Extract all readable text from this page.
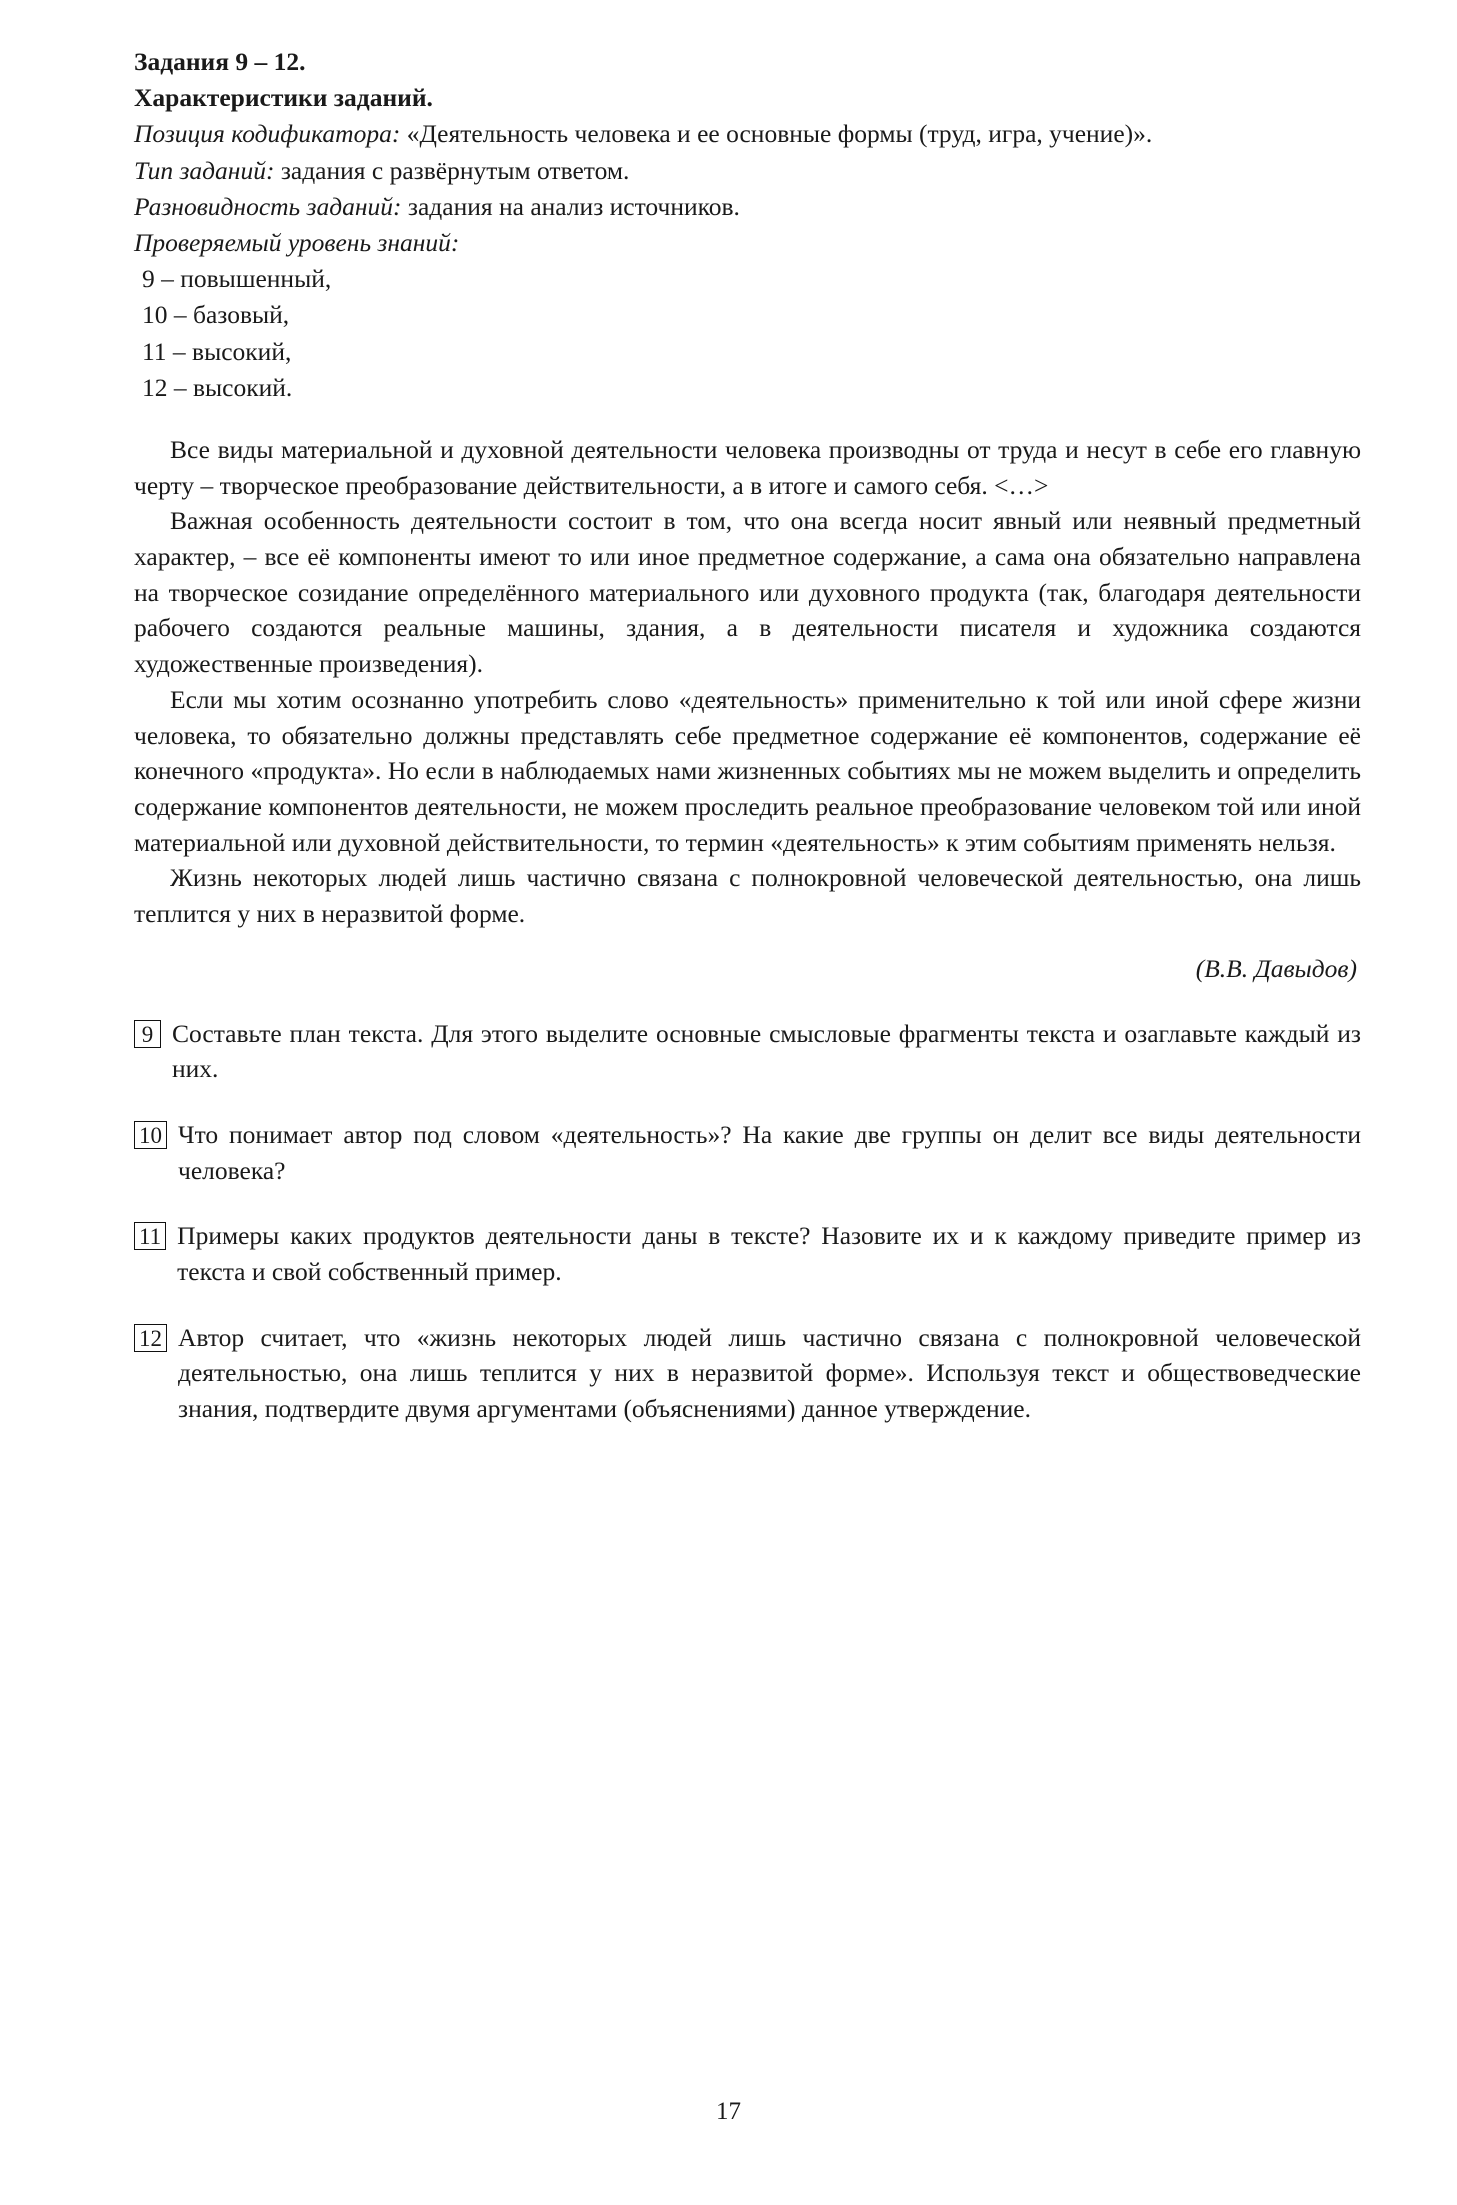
Задания 9 – 12.
Характеристики заданий.
Позиция кодификатора: «Деятельность человека и ее основные формы (труд, игра, учение)».
Тип заданий: задания с развёрнутым ответом.
Разновидность заданий: задания на анализ источников.
Проверяемый уровень знаний:
9 – повышенный,
10 – базовый,
11 – высокий,
12 – высокий.

Все виды материальной и духовной деятельности человека производны от труда и несут в себе его главную черту – творческое преобразование действительности, а в итоге и самого себя. <…>

Важная особенность деятельности состоит в том, что она всегда носит явный или неявный предметный характер, – все её компоненты имеют то или иное предметное содержание, а сама она обязательно направлена на творческое созидание определённого материального или духовного продукта (так, благодаря деятельности рабочего создаются реальные машины, здания, а в деятельности писателя и художника создаются художественные произведения).

Если мы хотим осознанно употребить слово «деятельность» применительно к той или иной сфере жизни человека, то обязательно должны представлять себе предметное содержание её компонентов, содержание её конечного «продукта». Но если в наблюдаемых нами жизненных событиях мы не можем выделить и определить содержание компонентов деятельности, не можем проследить реальное преобразование человеком той или иной материальной или духовной действительности, то термин «деятельность» к этим событиям применять нельзя.

Жизнь некоторых людей лишь частично связана с полнокровной человеческой деятельностью, она лишь теплится у них в неразвитой форме.

(В.В. Давыдов)
9 Составьте план текста. Для этого выделите основные смысловые фрагменты текста и озаглавьте каждый из них.
10 Что понимает автор под словом «деятельность»? На какие две группы он делит все виды деятельности человека?
11 Примеры каких продуктов деятельности даны в тексте? Назовите их и к каждому приведите пример из текста и свой собственный пример.
12 Автор считает, что «жизнь некоторых людей лишь частично связана с полнокровной человеческой деятельностью, она лишь теплится у них в неразвитой форме». Используя текст и обществоведческие знания, подтвердите двумя аргументами (объяснениями) данное утверждение.
17
